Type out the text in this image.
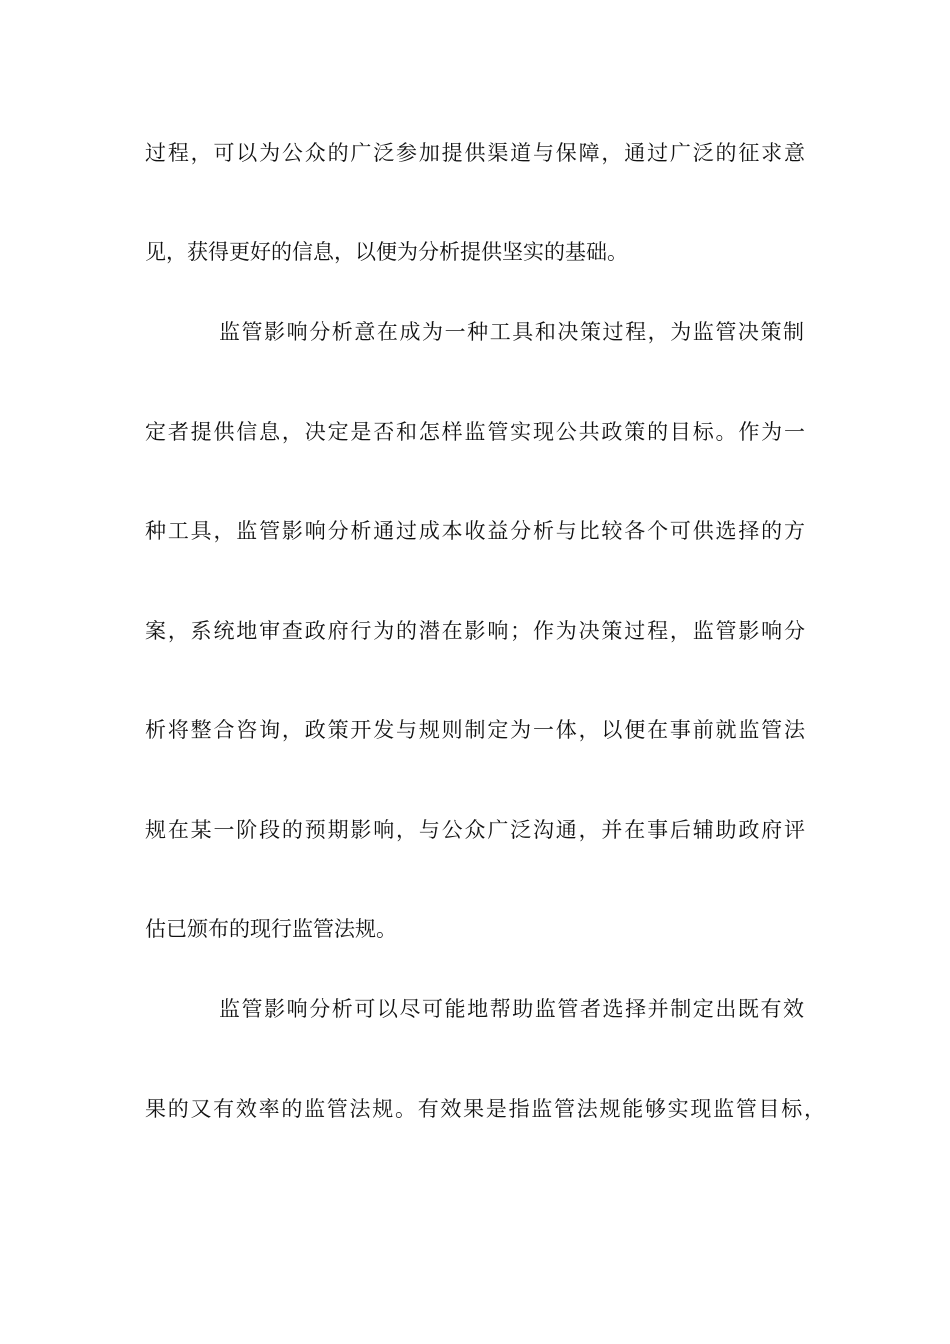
过程，可以为公众的广泛参加提供渠道与保障，通过广泛的征求意
见，获得更好的信息，以便为分析提供坚实的基础。
监管影响分析意在成为一种工具和决策过程，为监管决策制
定者提供信息，决定是否和怎样监管实现公共政策的目标。作为一
种工具，监管影响分析通过成本收益分析与比较各个可供选择的方
案，系统地审查政府行为的潜在影响；作为决策过程，监管影响分
析将整合咨询，政策开发与规则制定为一体，以便在事前就监管法
规在某一阶段的预期影响，与公众广泛沟通，并在事后辅助政府评
估已颁布的现行监管法规。
监管影响分析可以尽可能地帮助监管者选择并制定出既有效
果的又有效率的监管法规。有效果是指监管法规能够实现监管目标，
